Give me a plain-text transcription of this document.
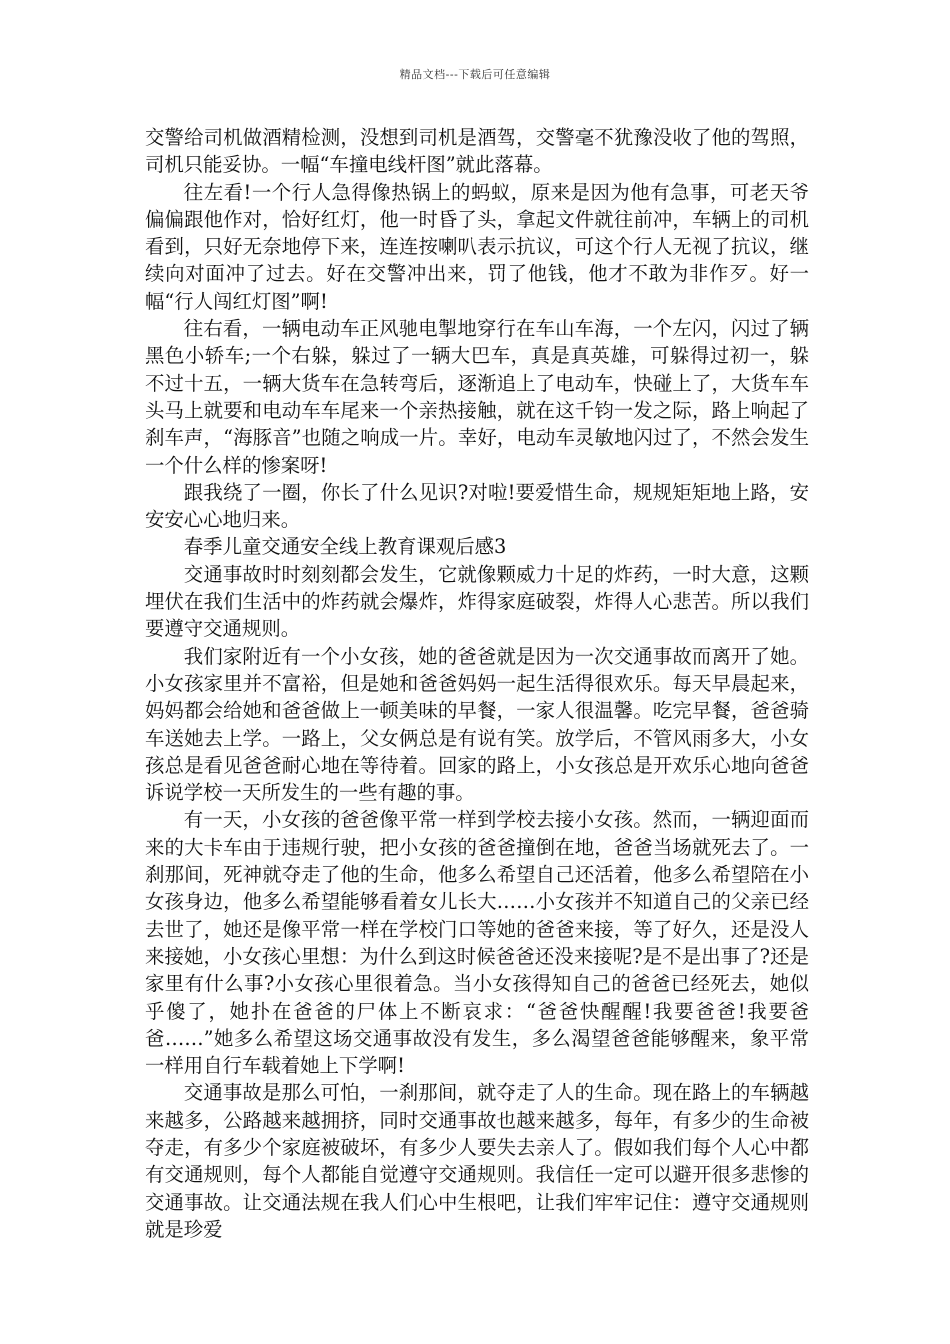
精品文档---下载后可任意编辑

交警给司机做酒精检测，没想到司机是酒驾，交警毫不犹豫没收了他的驾照，司机只能妥协。一幅“车撞电线杆图”就此落幕。

往左看!一个行人急得像热锅上的蚂蚁，原来是因为他有急事，可老天爷偏偏跟他作对，恰好红灯，他一时昏了头，拿起文件就往前冲，车辆上的司机看到，只好无奈地停下来，连连按喇叭表示抗议，可这个行人无视了抗议，继续向对面冲了过去。好在交警冲出来，罚了他钱，他才不敢为非作歹。好一幅“行人闯红灯图”啊!

往右看，一辆电动车正风驰电掣地穿行在车山车海，一个左闪，闪过了辆黑色小轿车;一个右躲，躲过了一辆大巴车，真是真英雄，可躲得过初一，躲不过十五，一辆大货车在急转弯后，逐渐追上了电动车，快碰上了，大货车车头马上就要和电动车车尾来一个亲热接触，就在这千钧一发之际，路上响起了刹车声，“海豚音”也随之响成一片。幸好，电动车灵敏地闪过了，不然会发生一个什么样的惨案呀!

跟我绕了一圈，你长了什么见识?对啦!要爱惜生命，规规矩矩地上路，安安安心心地归来。

春季儿童交通安全线上教育课观后感3

交通事故时时刻刻都会发生，它就像颗威力十足的炸药，一时大意，这颗埋伏在我们生活中的炸药就会爆炸，炸得家庭破裂，炸得人心悲苦。所以我们要遵守交通规则。

我们家附近有一个小女孩，她的爸爸就是因为一次交通事故而离开了她。小女孩家里并不富裕，但是她和爸爸妈妈一起生活得很欢乐。每天早晨起来，妈妈都会给她和爸爸做上一顿美味的早餐，一家人很温馨。吃完早餐，爸爸骑车送她去上学。一路上，父女俩总是有说有笑。放学后，不管风雨多大，小女孩总是看见爸爸耐心地在等待着。回家的路上，小女孩总是开欢乐心地向爸爸诉说学校一天所发生的一些有趣的事。

有一天，小女孩的爸爸像平常一样到学校去接小女孩。然而，一辆迎面而来的大卡车由于违规行驶，把小女孩的爸爸撞倒在地，爸爸当场就死去了。一刹那间，死神就夺走了他的生命，他多么希望自己还活着，他多么希望陪在小女孩身边，他多么希望能够看着女儿长大……小女孩并不知道自己的父亲已经去世了，她还是像平常一样在学校门口等她的爸爸来接，等了好久，还是没人来接她，小女孩心里想：为什么到这时候爸爸还没来接呢?是不是出事了?还是家里有什么事?小女孩心里很着急。当小女孩得知自己的爸爸已经死去，她似乎傻了，她扑在爸爸的尸体上不断哀求：“爸爸快醒醒!我要爸爸!我要爸爸……”她多么希望这场交通事故没有发生，多么渴望爸爸能够醒来，象平常一样用自行车载着她上下学啊!

交通事故是那么可怕，一刹那间，就夺走了人的生命。现在路上的车辆越来越多，公路越来越拥挤，同时交通事故也越来越多，每年，有多少的生命被夺走，有多少个家庭被破坏，有多少人要失去亲人了。假如我们每个人心中都有交通规则，每个人都能自觉遵守交通规则。我信任一定可以避开很多悲惨的交通事故。让交通法规在我人们心中生根吧，让我们牢牢记住：遵守交通规则就是珍爱
